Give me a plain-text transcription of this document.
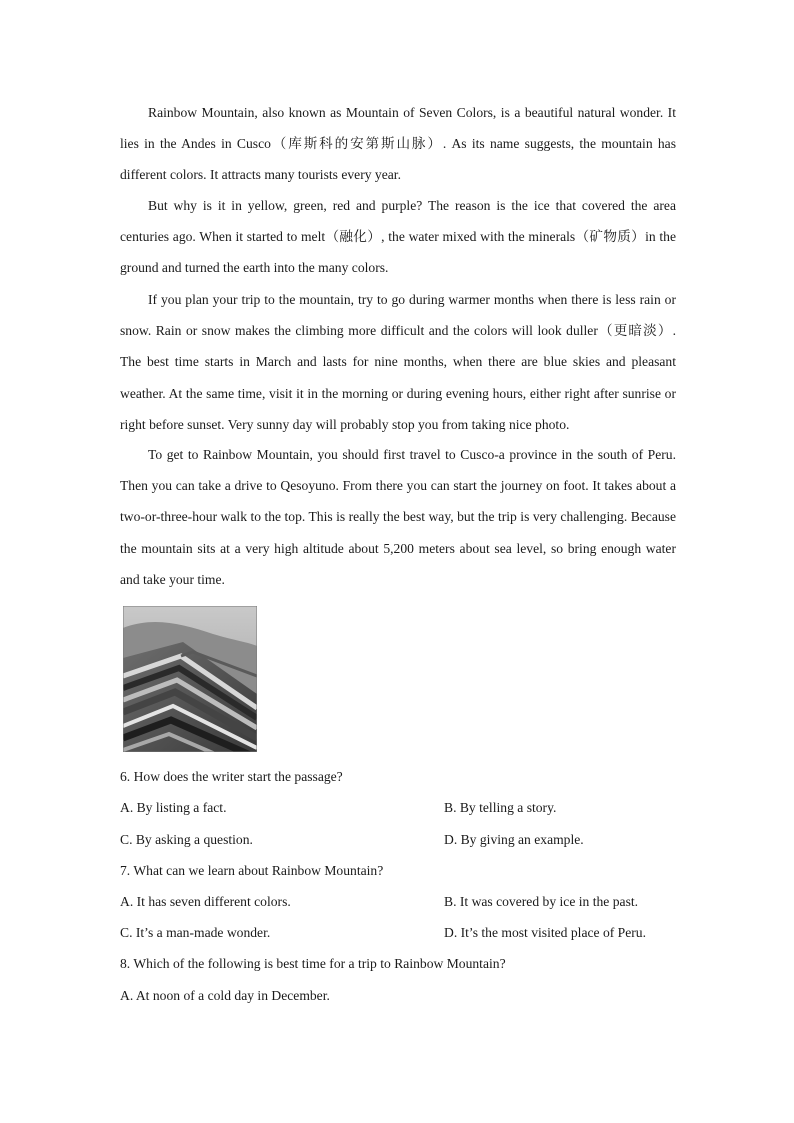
Rainbow Mountain, also known as Mountain of Seven Colors, is a beautiful natural wonder. It lies in the Andes in Cusco（库斯科的安第斯山脉）. As its name suggests, the mountain has different colors. It attracts many tourists every year.

But why is it in yellow, green, red and purple? The reason is the ice that covered the area centuries ago. When it started to melt（融化）, the water mixed with the minerals（矿物质）in the ground and turned the earth into the many colors.

If you plan your trip to the mountain, try to go during warmer months when there is less rain or snow. Rain or snow makes the climbing more difficult and the colors will look duller（更暗淡）. The best time starts in March and lasts for nine months, when there are blue skies and pleasant weather. At the same time, visit it in the morning or during evening hours, either right after sunrise or right before sunset. Very sunny day will probably stop you from taking nice photo.

To get to Rainbow Mountain, you should first travel to Cusco-a province in the south of Peru. Then you can take a drive to Qesoyuno. From there you can start the journey on foot. It takes about a two-or-three-hour walk to the top. This is really the best way, but the trip is very challenging. Because the mountain sits at a very high altitude about 5,200 meters about sea level, so bring enough water and take your time.

6. How does the writer start the passage?
A. By listing a fact.	B. By telling a story.
C. By asking a question.	D. By giving an example.
7. What can we learn about Rainbow Mountain?
A. It has seven different colors.	B. It was covered by ice in the past.
C. It’s a man-made wonder.	D. It’s the most visited place of Peru.
8. Which of the following is best time for a trip to Rainbow Mountain?
A. At noon of a cold day in December.
